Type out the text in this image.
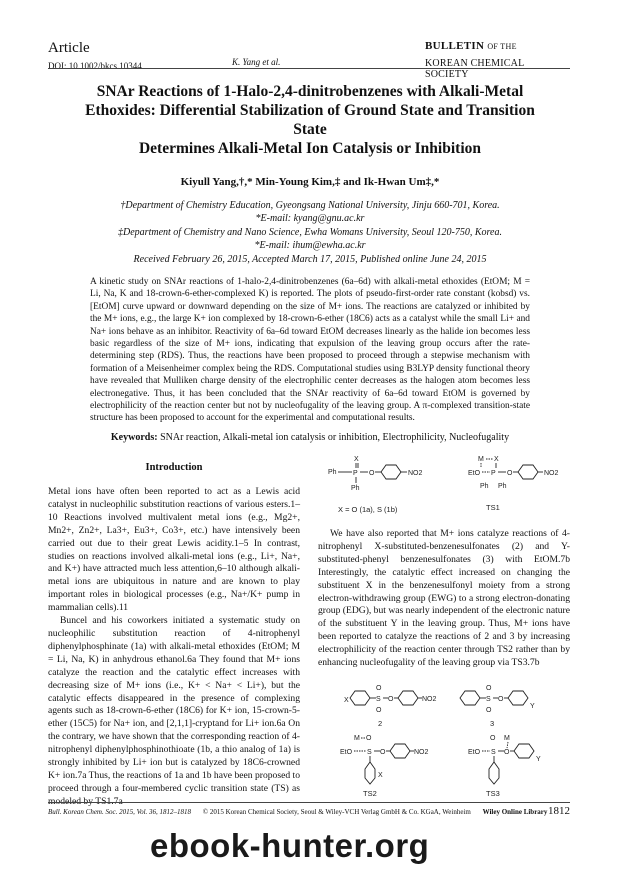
Article
DOI: 10.1002/bkcs.10344	K. Yang et al.
BULLETIN OF THE
KOREAN CHEMICAL SOCIETY
SNAr Reactions of 1-Halo-2,4-dinitrobenzenes with Alkali-Metal
Ethoxides: Differential Stabilization of Ground State and Transition State
Determines Alkali-Metal Ion Catalysis or Inhibition
Kiyull Yang,†,* Min-Young Kim,‡ and Ik-Hwan Um‡,*
†Department of Chemistry Education, Gyeongsang National University, Jinju 660-701, Korea.
*E-mail: kyang@gnu.ac.kr
‡Department of Chemistry and Nano Science, Ewha Womans University, Seoul 120-750, Korea.
*E-mail: ihum@ewha.ac.kr
Received February 26, 2015, Accepted March 17, 2015, Published online June 24, 2015
A kinetic study on SNAr reactions of 1-halo-2,4-dinitrobenzenes (6a–6d) with alkali-metal ethoxides (EtOM; M = Li, Na, K and 18-crown-6-ether-complexed K) is reported. The plots of pseudo-first-order rate constant (kobsd) vs. [EtOM] curve upward or downward depending on the size of M+ ions. The reactions are catalyzed or inhibited by the M+ ions, e.g., the large K+ ion complexed by 18-crown-6-ether (18C6) acts as a catalyst while the small Li+ and Na+ ions behave as an inhibitor. Reactivity of 6a–6d toward EtOM decreases linearly as the halide ion becomes less basic regardless of the size of M+ ions, indicating that expulsion of the leaving group occurs after the rate-determining step (RDS). Thus, the reactions have been proposed to proceed through a stepwise mechanism with formation of a Meisenheimer complex being the RDS. Computational studies using B3LYP density functional theory have revealed that Mulliken charge density of the electrophilic center decreases as the halogen atom becomes less electronegative. Thus, it has been concluded that the SNAr reactivity of 6a–6d toward EtOM is governed by electrophilicity of the reaction center but not by nucleofugality of the leaving group. A π-complexed transition-state structure has been proposed to account for the experimental and computational results.
Keywords: SNAr reaction, Alkali-metal ion catalysis or inhibition, Electrophilicity, Nucleofugality
Introduction

Metal ions have often been reported to act as a Lewis acid catalyst in nucleophilic substitution reactions of various esters.1–10 Reactions involved multivalent metal ions (e.g., Mg2+, Mn2+, Zn2+, La3+, Eu3+, Co3+, etc.) have intensively been carried out due to their great Lewis acidity.1–5 In contrast, studies on reactions involved alkali-metal ions (e.g., Li+, Na+, and K+) have attracted much less attention,6–10 although alkali-metal ions are ubiquitous in nature and are known to play important roles in biological processes (e.g., Na+/K+ pump in mammalian cells).11

Buncel and his coworkers initiated a systematic study on nucleophilic substitution reaction of 4-nitrophenyl diphenylphosphinate (1a) with alkali-metal ethoxides (EtOM; M = Li, Na, K) in anhydrous ethanol.6a They found that M+ ions catalyze the reaction and the catalytic effect increases with decreasing size of M+ ions (i.e., K+ < Na+ < Li+), but the catalytic effects disappeared in the presence of complexing agents such as 18-crown-6-ether (18C6) for K+ ion, 15-crown-5-ether (15C5) for Na+ ion, and [2,1,1]-cryptand for Li+ ion.6a On the contrary, we have shown that the corresponding reaction of 4-nitrophenyl diphenylphosphinothioate (1b, a thio analog of 1a) is strongly inhibited by Li+ ion but is catalyzed by 18C6-crowned K+ ion.7a Thus, the reactions of 1a and 1b have been proposed to proceed through a four-membered cyclic transition state (TS) as modeled by TS1.7a

X
Ph P O	NO2
Ph
X = O (1a), S (1b)
M X
EtO P O	NO2
Ph Ph
TS1

We have also reported that M+ ions catalyze reactions of 4-nitrophenyl X-substituted-benzenesulfonates (2) and Y-substituted-phenyl benzenesulfonates (3) with EtOM.7b Interestingly, the catalytic effect increased on changing the substituent X in the benzenesulfonyl moiety from a strong electron-withdrawing group (EWG) to a strong electron-donating group (EDG), but was nearly independent of the electronic nature of the substituent Y in the leaving group. Thus, M+ ions have been reported to catalyze the reactions of 2 and 3 by increasing electrophilicity of the reaction center through TS2 rather than by enhancing nucleofugality of the leaving group via TS3.7b

X	S
O
O
O	NO2
2
S
O
O
O
Y
3
M O
EtO S O	NO2
X
TS2
O M
EtO S O
Y
TS3
Bull. Korean Chem. Soc. 2015, Vol. 36, 1812–1818 © 2015 Korean Chemical Society, Seoul & Wiley-VCH Verlag GmbH & Co. KGaA, Weinheim Wiley Online Library 1812
ebook-hunter.org
